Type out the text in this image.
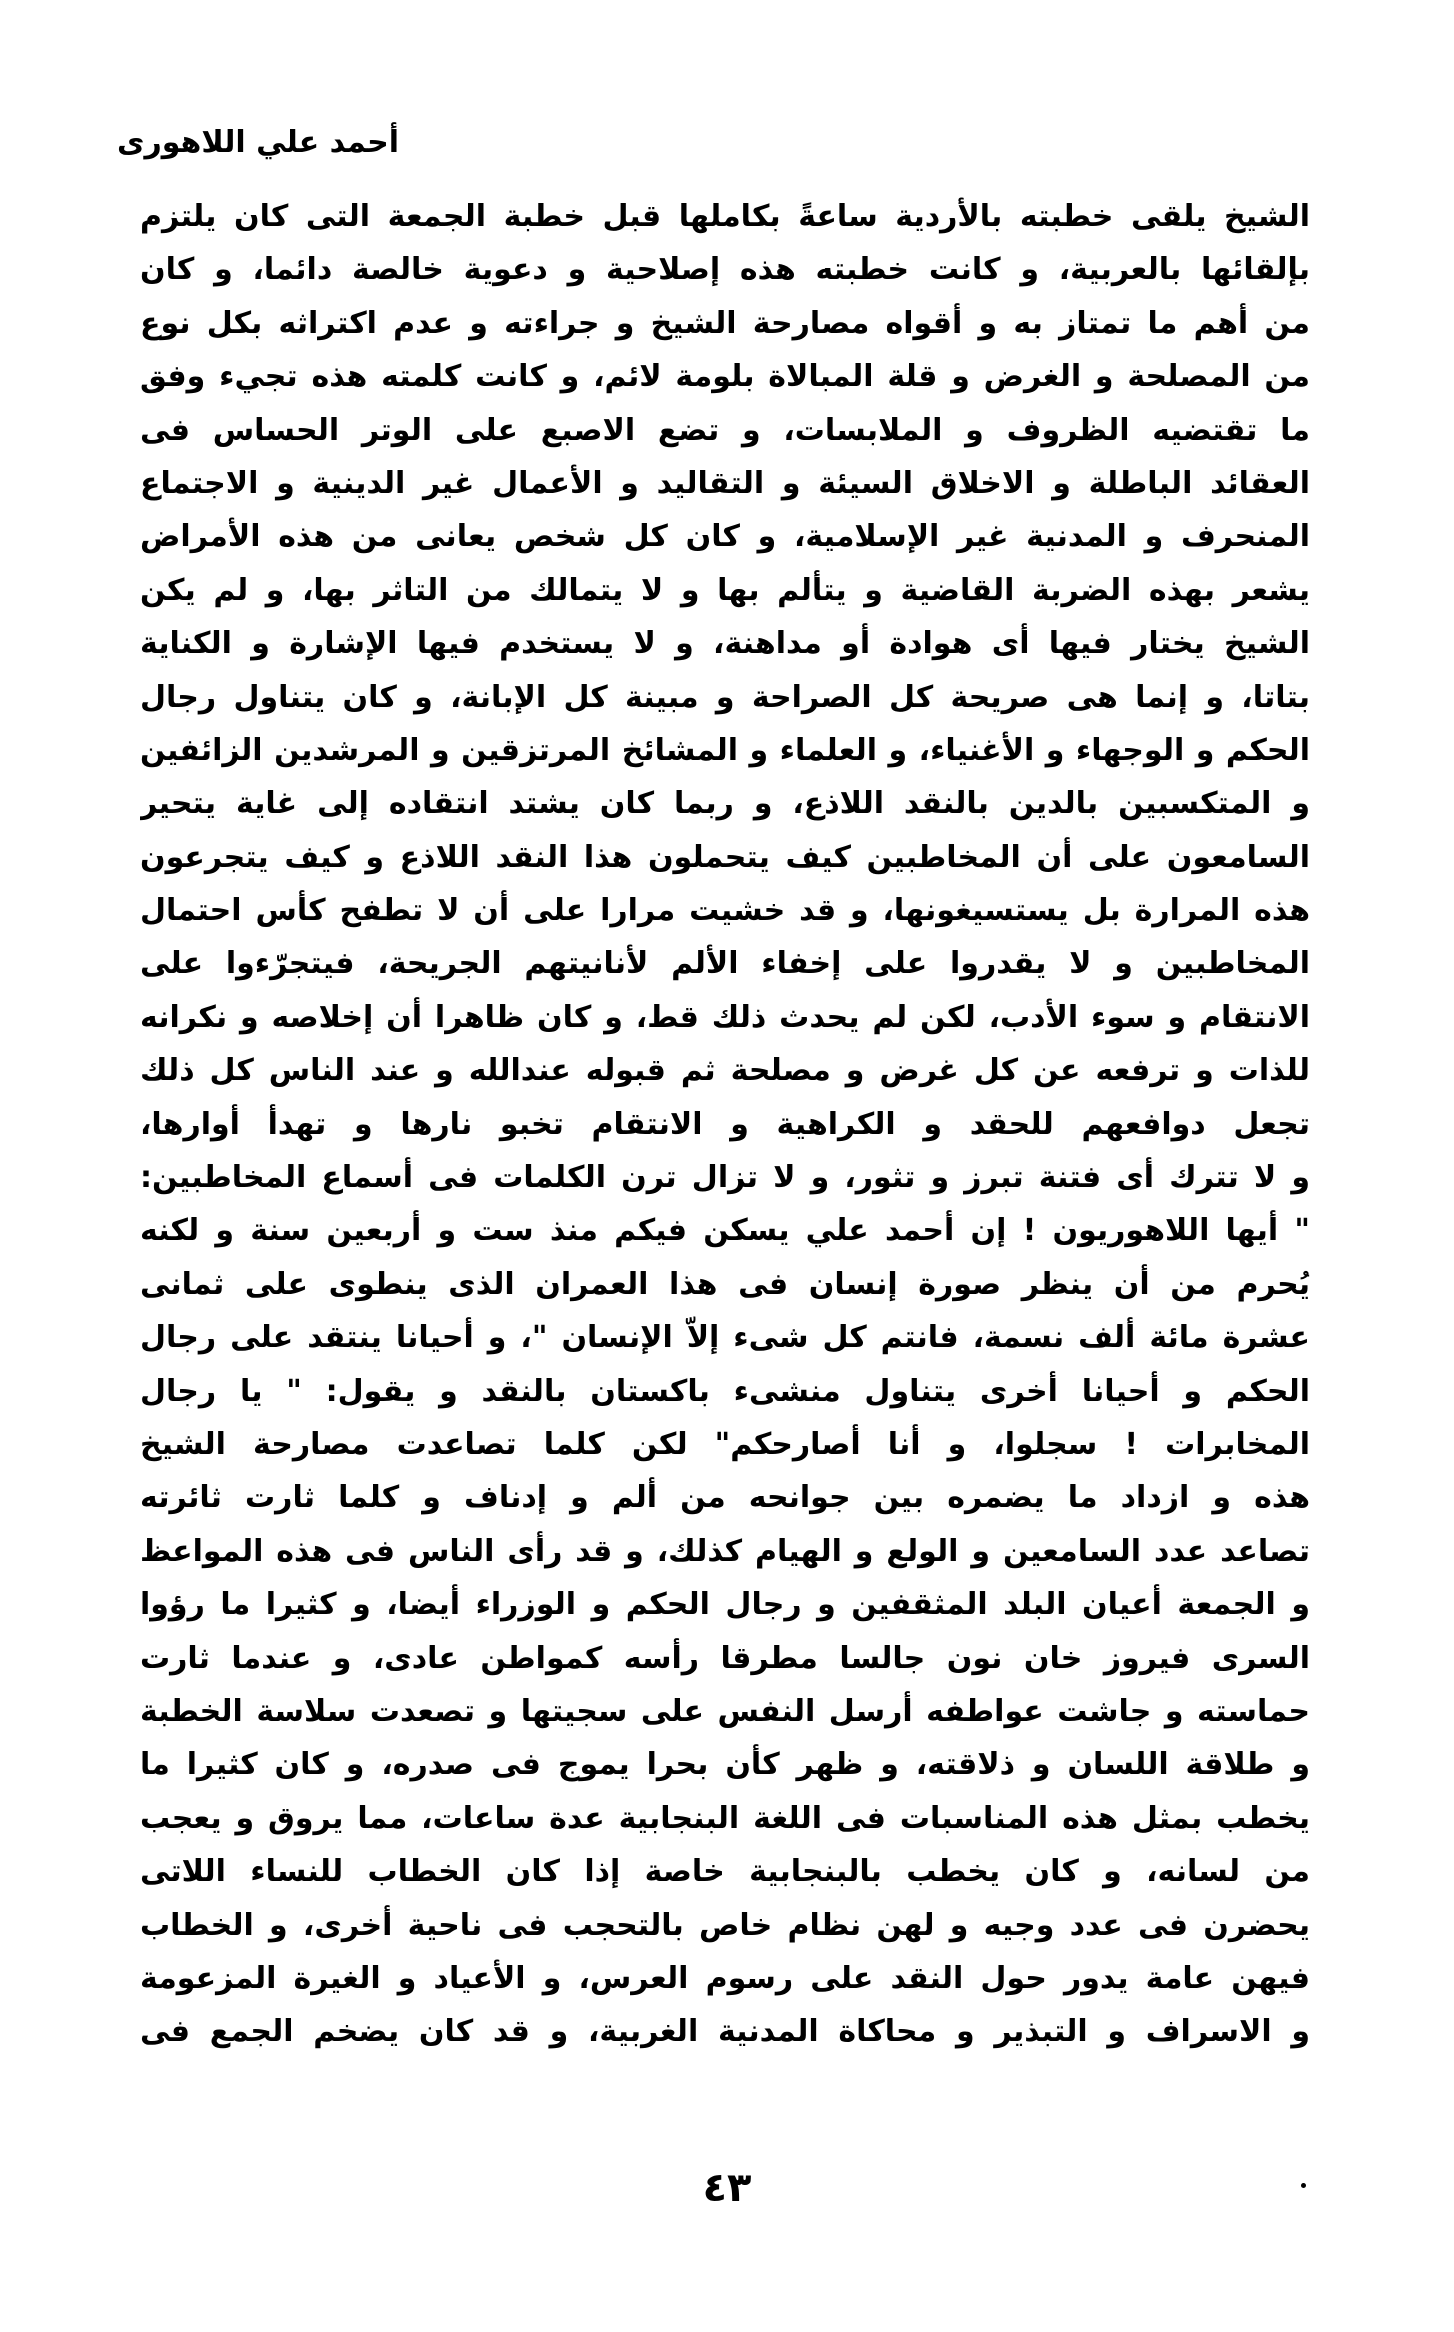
أحمد علي اللاهورى
الشيخ يلقى خطبته بالأردية ساعةً بكاملها قبل خطبة الجمعة التى كان يلتزم
بإلقائها بالعربية، و كانت خطبته هذه إصلاحية و دعوية خالصة دائما، و كان
من أهم ما تمتاز به و أقواه مصارحة الشيخ و جراءته و عدم اكتراثه بكل نوع
من المصلحة و الغرض و قلة المبالاة بلومة لائم، و كانت كلمته هذه تجيء وفق
ما تقتضيه الظروف و الملابسات، و تضع الاصبع على الوتر الحساس فى
العقائد الباطلة و الاخلاق السيئة و التقاليد و الأعمال غير الدينية و الاجتماع
المنحرف و المدنية غير الإسلامية، و كان كل شخص يعانى من هذه الأمراض
يشعر بهذه الضربة القاضية و يتألم بها و لا يتمالك من التاثر بها، و لم يكن
الشيخ يختار فيها أى هوادة أو مداهنة، و لا يستخدم فيها الإشارة و الكناية
بتاتا، و إنما هى صريحة كل الصراحة و مبينة كل الإبانة، و كان يتناول رجال
الحكم و الوجهاء و الأغنياء، و العلماء و المشائخ المرتزقين و المرشدين الزائفين
و المتكسبين بالدين بالنقد اللاذع، و ربما كان يشتد انتقاده إلى غاية يتحير
السامعون على أن المخاطبين كيف يتحملون هذا النقد اللاذع و كيف يتجرعون
هذه المرارة بل يستسيغونها، و قد خشيت مرارا على أن لا تطفح كأس احتمال
المخاطبين و لا يقدروا على إخفاء الألم لأنانيتهم الجريحة، فيتجرّءوا على
الانتقام و سوء الأدب، لكن لم يحدث ذلك قط، و كان ظاهرا أن إخلاصه و نكرانه
للذات و ترفعه عن كل غرض و مصلحة ثم قبوله عندالله و عند الناس كل ذلك
تجعل دوافعهم للحقد و الكراهية و الانتقام تخبو نارها و تهدأ أوارها،
و لا تترك أى فتنة تبرز و تثور، و لا تزال ترن الكلمات فى أسماع المخاطبين:
" أيها اللاهوريون ! إن أحمد علي يسكن فيكم منذ ست و أربعين سنة و لكنه
يُحرم من أن ينظر صورة إنسان فى هذا العمران الذى ينطوى على ثمانى
عشرة مائة ألف نسمة، فانتم كل شىء إلاّ الإنسان "، و أحيانا ينتقد على رجال
الحكم و أحيانا أخرى يتناول منشىء باكستان بالنقد و يقول: " يا رجال
المخابرات ! سجلوا، و أنا أصارحكم" لكن كلما تصاعدت مصارحة الشيخ
هذه و ازداد ما يضمره بين جوانحه من ألم و إدناف و كلما ثارت ثائرته
تصاعد عدد السامعين و الولع و الهيام كذلك، و قد رأى الناس فى هذه المواعظ
و الجمعة أعيان البلد المثقفين و رجال الحكم و الوزراء أيضا، و كثيرا ما رؤوا
السرى فيروز خان نون جالسا مطرقا رأسه كمواطن عادى، و عندما ثارت
حماسته و جاشت عواطفه أرسل النفس على سجيتها و تصعدت سلاسة الخطبة
و طلاقة اللسان و ذلاقته، و ظهر كأن بحرا يموج فى صدره، و كان كثيرا ما
يخطب بمثل هذه المناسبات فى اللغة البنجابية عدة ساعات، مما يروق و يعجب
من لسانه، و كان يخطب بالبنجابية خاصة إذا كان الخطاب للنساء اللاتى
يحضرن فى عدد وجيه و لهن نظام خاص بالتحجب فى ناحية أخرى، و الخطاب
فيهن عامة يدور حول النقد على رسوم العرس، و الأعياد و الغيرة المزعومة
و الاسراف و التبذير و محاكاة المدنية الغربية، و قد كان يضخم الجمع فى
٤٣
